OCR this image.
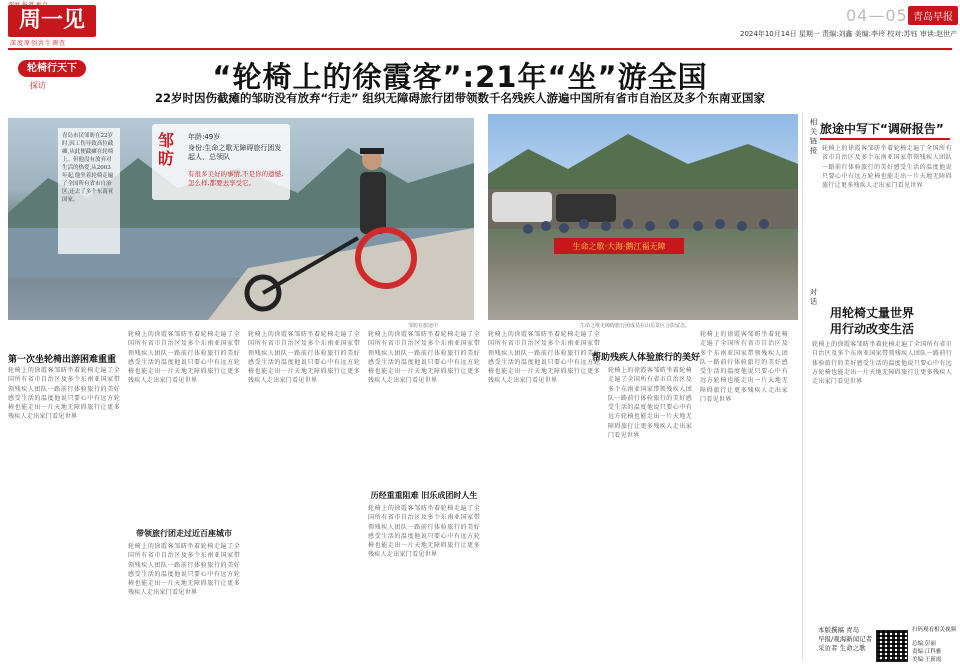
周一见
深度原创共生调查
04—05 青岛早报
2024年10月14日 星期一 责编:刘鑫 美编:李玲 校对:苏钰 审读:赵世产
轮椅行天下
探访	“轮椅上的徐霞客”:21年“坐”游全国
22岁时因伤截瘫的邹昉没有放弃“行走” 组织无障碍旅行团带领数千名残疾人游遍中国所有省市自治区及多个东南亚国家
青岛市民邹昉在22岁时,因工伤导致高位截瘫,从此便截瘫在轮椅上。但他没有放弃对生活的热爱,从2003年起,他坐着轮椅走遍了全国所有省市自治区,还去了多个东南亚国家。
邹昉
年龄:49岁
身份:生命之歌无障碍旅行团发起人、总领队
有很多美好的事情,不是你的遗憾,怎么样,都要去享受它。
邹昉在旅途中
生命之歌·大海·鹅江福无障
生命之歌无障碍旅行团成员在山岳景区合影留念。
第一次坐轮椅出游困难重重
轮椅上的徐霞客邹昉坐着轮椅走遍了全国所有省市自治区及多个东南亚国家带领残疾人团队一路前行体验旅行的美好感受生活的温度他说只要心中有远方轮椅也能走出一片天地无障碍旅行让更多残疾人走出家门看见世界
轮椅上的徐霞客邹昉坐着轮椅走遍了全国所有省市自治区及多个东南亚国家带领残疾人团队一路前行体验旅行的美好感受生活的温度他说只要心中有远方轮椅也能走出一片天地无障碍旅行让更多残疾人走出家门看见世界
带领旅行团走过近百座城市
轮椅上的徐霞客邹昉坐着轮椅走遍了全国所有省市自治区及多个东南亚国家带领残疾人团队一路前行体验旅行的美好感受生活的温度他说只要心中有远方轮椅也能走出一片天地无障碍旅行让更多残疾人走出家门看见世界
轮椅上的徐霞客邹昉坐着轮椅走遍了全国所有省市自治区及多个东南亚国家带领残疾人团队一路前行体验旅行的美好感受生活的温度他说只要心中有远方轮椅也能走出一片天地无障碍旅行让更多残疾人走出家门看见世界
轮椅上的徐霞客邹昉坐着轮椅走遍了全国所有省市自治区及多个东南亚国家带领残疾人团队一路前行体验旅行的美好感受生活的温度他说只要心中有远方轮椅也能走出一片天地无障碍旅行让更多残疾人走出家门看见世界
历经重重阻难 旧乐成团时人生
轮椅上的徐霞客邹昉坐着轮椅走遍了全国所有省市自治区及多个东南亚国家带领残疾人团队一路前行体验旅行的美好感受生活的温度他说只要心中有远方轮椅也能走出一片天地无障碍旅行让更多残疾人走出家门看见世界
轮椅上的徐霞客邹昉坐着轮椅走遍了全国所有省市自治区及多个东南亚国家带领残疾人团队一路前行体验旅行的美好感受生活的温度他说只要心中有远方轮椅也能走出一片天地无障碍旅行让更多残疾人走出家门看见世界
帮助残疾人体验旅行的美好
轮椅上的徐霞客邹昉坐着轮椅走遍了全国所有省市自治区及多个东南亚国家带领残疾人团队一路前行体验旅行的美好感受生活的温度他说只要心中有远方轮椅也能走出一片天地无障碍旅行让更多残疾人走出家门看见世界
轮椅上的徐霞客邹昉坐着轮椅走遍了全国所有省市自治区及多个东南亚国家带领残疾人团队一路前行体验旅行的美好感受生活的温度他说只要心中有远方轮椅也能走出一片天地无障碍旅行让更多残疾人走出家门看见世界
相关链接 旅途中写下“调研报告”
轮椅上的徐霞客邹昉坐着轮椅走遍了全国所有省市自治区及多个东南亚国家带领残疾人团队一路前行体验旅行的美好感受生活的温度他说只要心中有远方轮椅也能走出一片天地无障碍旅行让更多残疾人走出家门看见世界
对话
用轮椅丈量世界
用行动改变生活
轮椅上的徐霞客邹昉坐着轮椅走遍了全国所有省市自治区及多个东南亚国家带领残疾人团队一路前行体验旅行的美好感受生活的温度他说只要心中有远方轮椅也能走出一片天地无障碍旅行让更多残疾人走出家门看见世界
本版撰稿 青岛
早报/观海新闻记者
采访者 生命之歌
扫码观看相关视频
总编:彭丽
责编:江科雅
美编:王新霞
